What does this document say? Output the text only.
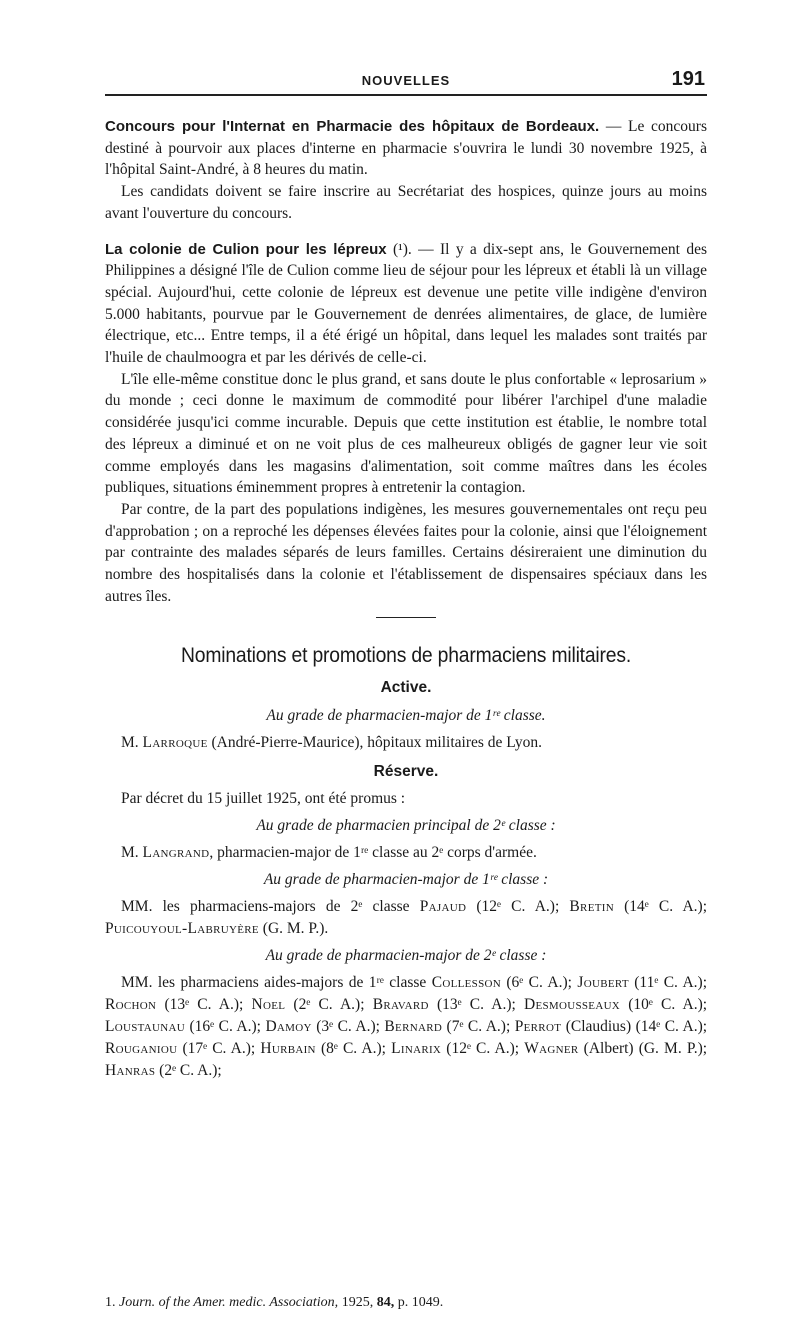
NOUVELLES	191

Concours pour l'Internat en Pharmacie des hôpitaux de Bordeaux. — Le concours destiné à pourvoir aux places d'interne en pharmacie s'ouvrira le lundi 30 novembre 1925, à l'hôpital Saint-André, à 8 heures du matin.

Les candidats doivent se faire inscrire au Secrétariat des hospices, quinze jours au moins avant l'ouverture du concours.

La colonie de Culion pour les lépreux (¹). — Il y a dix-sept ans, le Gouvernement des Philippines a désigné l'île de Culion comme lieu de séjour pour les lépreux et établi là un village spécial. Aujourd'hui, cette colonie de lépreux est devenue une petite ville indigène d'environ 5.000 habitants, pourvue par le Gouvernement de denrées alimentaires, de glace, de lumière électrique, etc... Entre temps, il a été érigé un hôpital, dans lequel les malades sont traités par l'huile de chaulmoogra et par les dérivés de celle-ci.

L'île elle-même constitue donc le plus grand, et sans doute le plus confortable « leprosarium » du monde ; ceci donne le maximum de commodité pour libérer l'archipel d'une maladie considérée jusqu'ici comme incurable. Depuis que cette institution est établie, le nombre total des lépreux a diminué et on ne voit plus de ces malheureux obligés de gagner leur vie soit comme employés dans les magasins d'alimentation, soit comme maîtres dans les écoles publiques, situations éminemment propres à entretenir la contagion.

Par contre, de la part des populations indigènes, les mesures gouvernementales ont reçu peu d'approbation ; on a reproché les dépenses élevées faites pour la colonie, ainsi que l'éloignement par contrainte des malades séparés de leurs familles. Certains désireraient une diminution du nombre des hospitalisés dans la colonie et l'établissement de dispensaires spéciaux dans les autres îles.

Nominations et promotions de pharmaciens militaires.
Active.
Au grade de pharmacien-major de 1ʳᵉ classe.

M. Larroque (André-Pierre-Maurice), hôpitaux militaires de Lyon.

Réserve.

Par décret du 15 juillet 1925, ont été promus :

Au grade de pharmacien principal de 2ᵉ classe :

M. Langrand, pharmacien-major de 1ʳᵉ classe au 2ᵉ corps d'armée.

Au grade de pharmacien-major de 1ʳᵉ classe :

MM. les pharmaciens-majors de 2ᵉ classe Pajaud (12ᵉ C. A.); Bretin (14ᵉ C. A.); Puicouyoul-Labruyère (G. M. P.).

Au grade de pharmacien-major de 2ᵉ classe :

MM. les pharmaciens aides-majors de 1ʳᵉ classe Collesson (6ᵉ C. A.); Joubert (11ᵉ C. A.); Rochon (13ᵉ C. A.); Noel (2ᵉ C. A.); Bravard (13ᵉ C. A.); Desmousseaux (10ᵉ C. A.); Loustaunau (16ᵉ C. A.); Damoy (3ᵉ C. A.); Bernard (7ᵉ C. A.); Perrot (Claudius) (14ᵉ C. A.); Rouganiou (17ᵉ C. A.); Hurbain (8ᵉ C. A.); Linarix (12ᵉ C. A.); Wagner (Albert) (G. M. P.); Hanras (2ᵉ C. A.);

1. Journ. of the Amer. medic. Association, 1925, 84, p. 1049.
